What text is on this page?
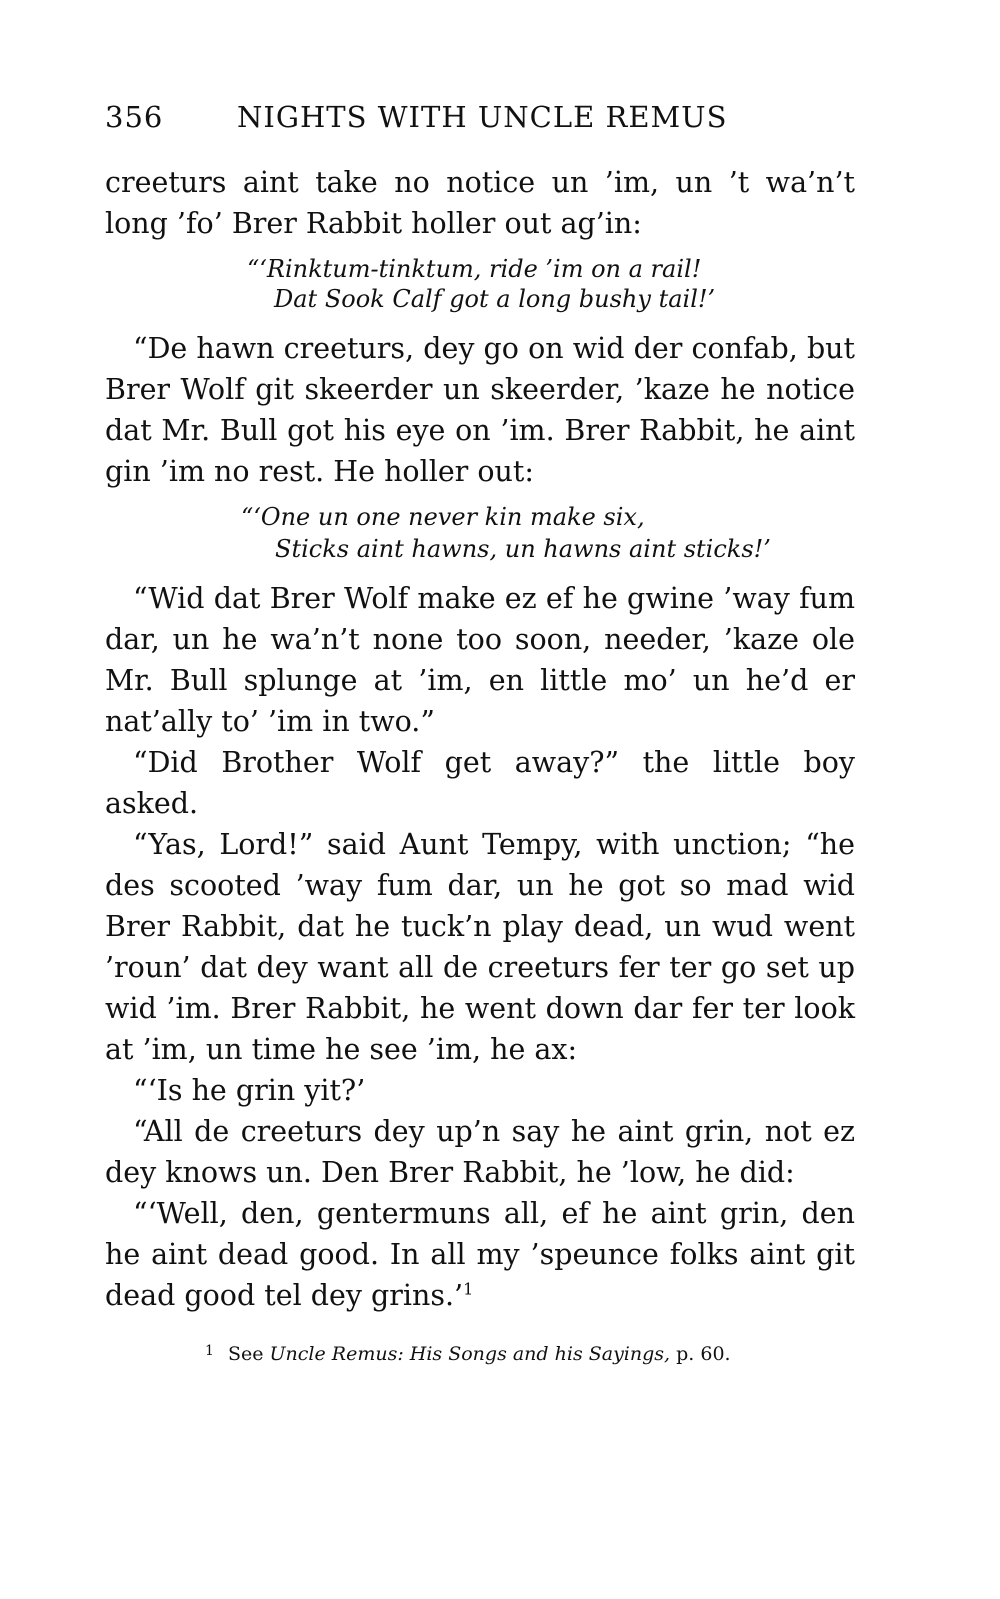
356	NIGHTS WITH UNCLE REMUS

creeturs aint take no notice un ’im, un ’t wa’n’t long ’fo’ Brer Rabbit holler out ag’in:

“‘Rinktum-tinktum, ride ’im on a rail!
Dat Sook Calf got a long bushy tail!’

“De hawn creeturs, dey go on wid der confab, but Brer Wolf git skeerder un skeerder, ’kaze he notice dat Mr. Bull got his eye on ’im. Brer Rabbit, he aint gin ’im no rest. He holler out:

“‘One un one never kin make six,
Sticks aint hawns, un hawns aint sticks!’

“Wid dat Brer Wolf make ez ef he gwine ’way fum dar, un he wa’n’t none too soon, needer, ’kaze ole Mr. Bull splunge at ’im, en little mo’ un he’d er nat’ally to’ ’im in two.”

“Did Brother Wolf get away?” the little boy asked.

“Yas, Lord!” said Aunt Tempy, with unction; “he des scooted ’way fum dar, un he got so mad wid Brer Rabbit, dat he tuck’n play dead, un wud went ’roun’ dat dey want all de creeturs fer ter go set up wid ’im. Brer Rabbit, he went down dar fer ter look at ’im, un time he see ’im, he ax:

“‘Is he grin yit?’

“All de creeturs dey up’n say he aint grin, not ez dey knows un. Den Brer Rabbit, he ’low, he did:

“‘Well, den, gentermuns all, ef he aint grin, den he aint dead good. In all my ’speunce folks aint git dead good tel dey grins.’$^1$

$^1$ See Uncle Remus: His Songs and his Sayings, p. 60.
